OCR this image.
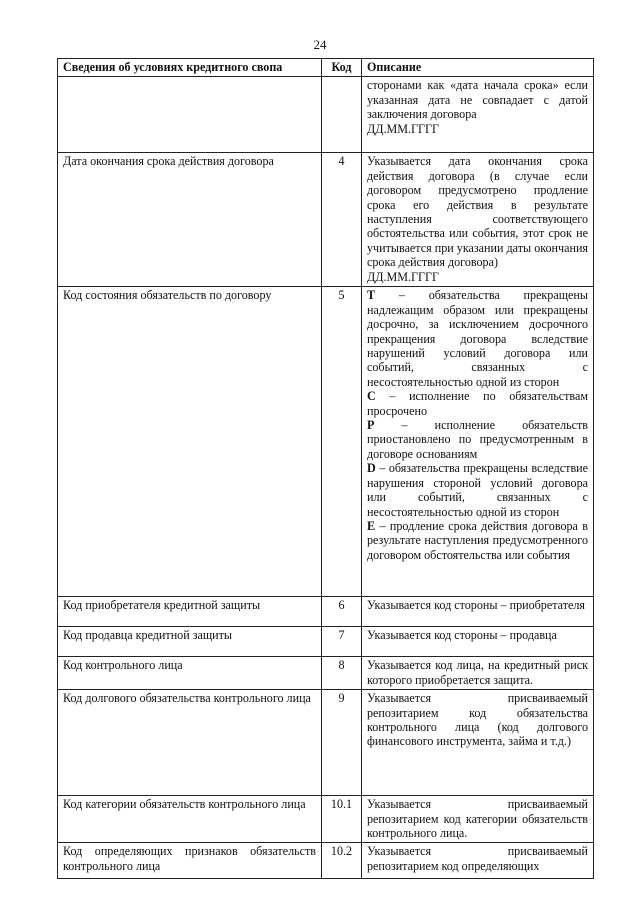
24
Сведения об условиях кредитного свопа	Код	Описание

		сторонами как «дата начала срока» если указанная дата не совпадает с датой заключения договора

ДД.ММ.ГГГГ

Дата окончания срока действия договора	4	Указывается дата окончания срока действия договора (в случае если договором предусмотрено продление срока его действия в результате наступления соответствующего обстоятельства или события, этот срок не учитывается при указании даты окончания срока действия договора)

ДД.ММ.ГГГГ

Код состояния обязательств по договору	5	T – обязательства прекращены надлежащим образом или прекращены досрочно, за исключением досрочного прекращения договора вследствие нарушений условий договора или событий, связанных с несостоятельностью одной из сторон

C – исполнение по обязательствам просрочено

P – исполнение обязательств приостановлено по предусмотренным в договоре основаниям

D – обязательства прекращены вследствие нарушения стороной условий договора или событий, связанных с несостоятельностью одной из сторон

E – продление срока действия договора в результате наступления предусмотренного договором обстоятельства или события

Код приобретателя кредитной защиты	6	Указывается код стороны – приобретателя

Код продавца кредитной защиты	7	Указывается код стороны – продавца

Код контрольного лица	8	Указывается код лица, на кредитный риск которого приобретается защита.

Код долгового обязательства контрольного лица	9	Указывается присваиваемый репозитарием код обязательства контрольного лица (код долгового финансового инструмента, займа и т.д.)

Код категории обязательств контрольного лица	10.1	Указывается присваиваемый репозитарием код категории обязательств контрольного лица.

Код определяющих признаков обязательств контрольного лица	10.2	Указывается присваиваемый репозитарием код определяющих
